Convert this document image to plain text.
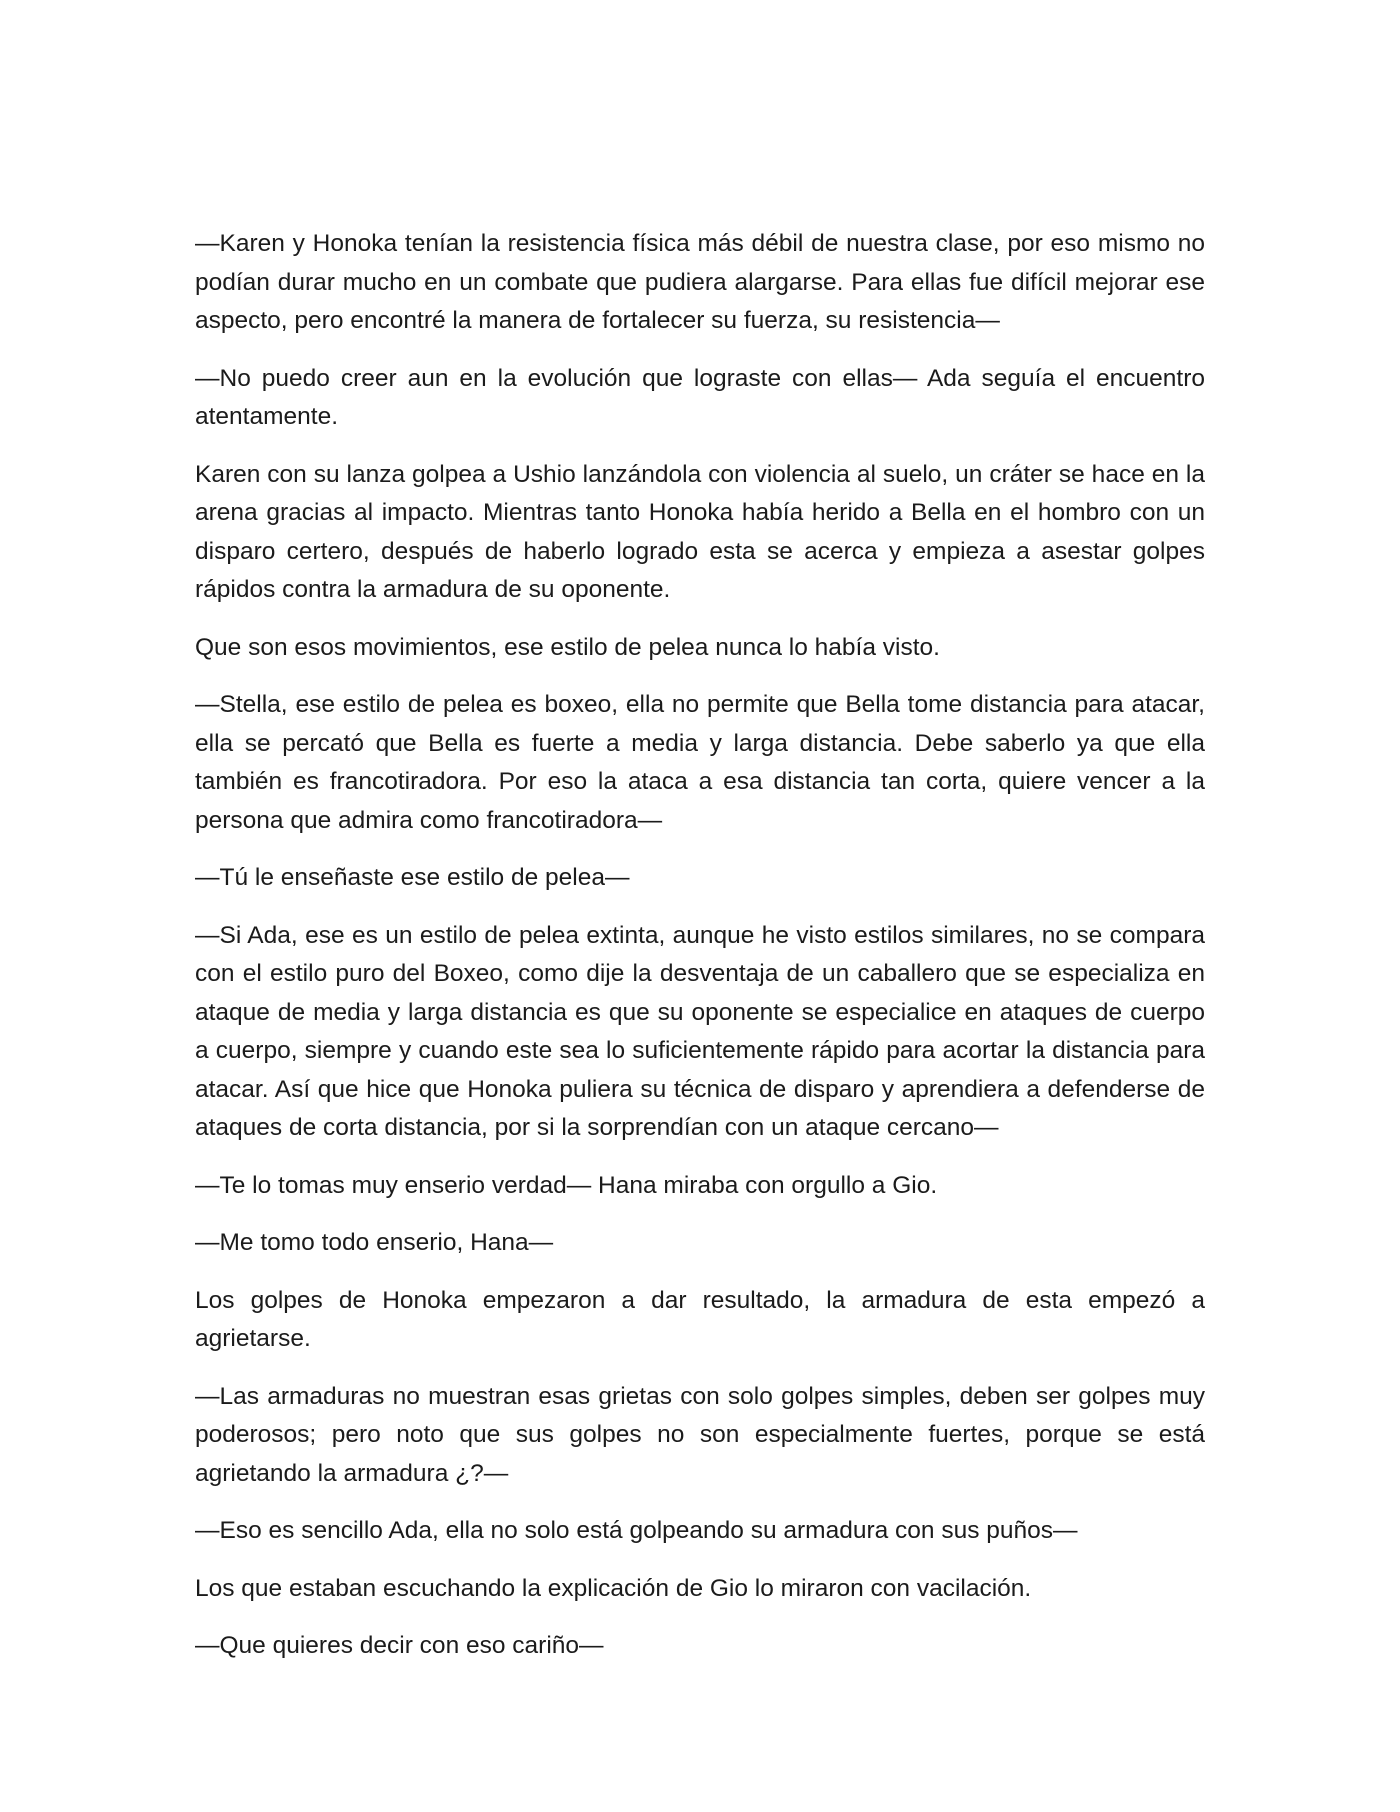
—Karen y Honoka tenían la resistencia física más débil de nuestra clase, por eso mismo no podían durar mucho en un combate que pudiera alargarse. Para ellas fue difícil mejorar ese aspecto, pero encontré la manera de fortalecer su fuerza, su resistencia—

—No puedo creer aun en la evolución que lograste con ellas— Ada seguía el encuentro atentamente.

Karen con su lanza golpea a Ushio lanzándola con violencia al suelo, un cráter se hace en la arena gracias al impacto. Mientras tanto Honoka había herido a Bella en el hombro con un disparo certero, después de haberlo logrado esta se acerca y empieza a asestar golpes rápidos contra la armadura de su oponente.

Que son esos movimientos, ese estilo de pelea nunca lo había visto.

—Stella, ese estilo de pelea es boxeo, ella no permite que Bella tome distancia para atacar, ella se percató que Bella es fuerte a media y larga distancia. Debe saberlo ya que ella también es francotiradora. Por eso la ataca a esa distancia tan corta, quiere vencer a la persona que admira como francotiradora—

—Tú le enseñaste ese estilo de pelea—

—Si Ada, ese es un estilo de pelea extinta, aunque he visto estilos similares, no se compara con el estilo puro del Boxeo, como dije la desventaja de un caballero que se especializa en ataque de media y larga distancia es que su oponente se especialice en ataques de cuerpo a cuerpo, siempre y cuando este sea lo suficientemente rápido para acortar la distancia para atacar. Así que hice que Honoka puliera su técnica de disparo y aprendiera a defenderse de ataques de corta distancia, por si la sorprendían con un ataque cercano—

—Te lo tomas muy enserio verdad— Hana miraba con orgullo a Gio.

—Me tomo todo enserio, Hana—

Los golpes de Honoka empezaron a dar resultado, la armadura de esta empezó a agrietarse.

—Las armaduras no muestran esas grietas con solo golpes simples, deben ser golpes muy poderosos; pero noto que sus golpes no son especialmente fuertes, porque se está agrietando la armadura ¿?—

—Eso es sencillo Ada, ella no solo está golpeando su armadura con sus puños—

Los que estaban escuchando la explicación de Gio lo miraron con vacilación.

—Que quieres decir con eso cariño—
